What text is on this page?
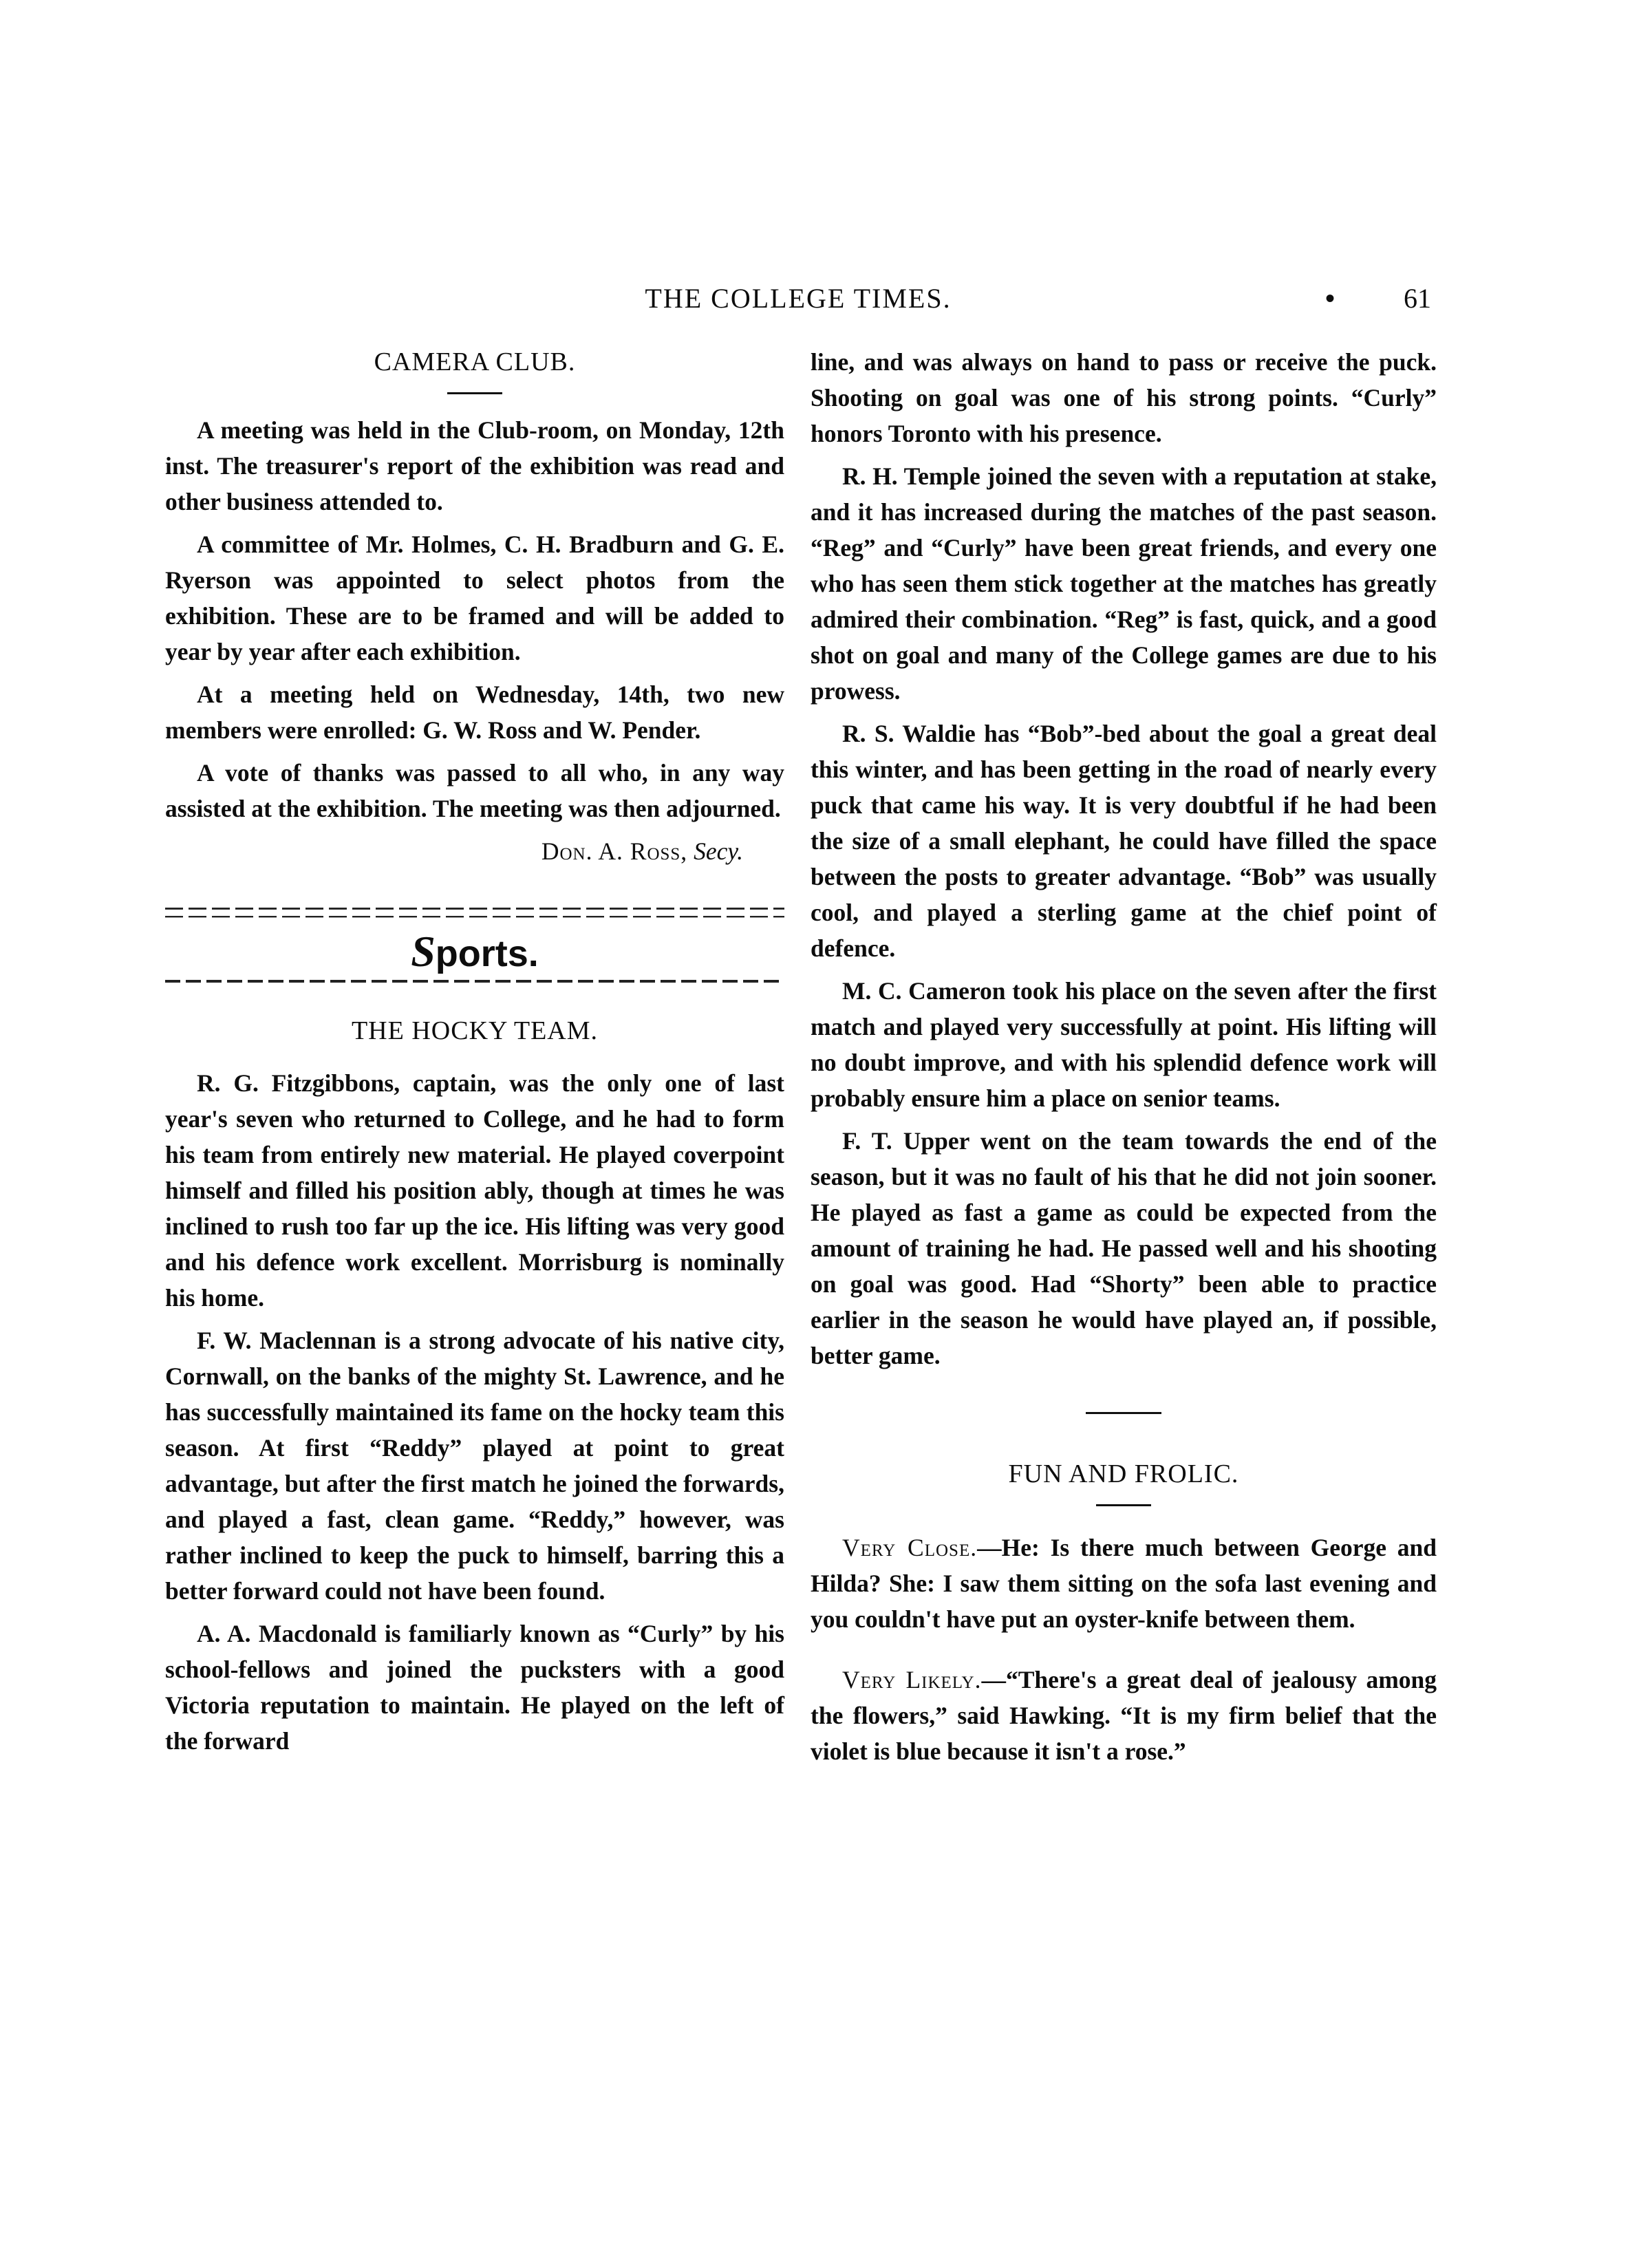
THE COLLEGE TIMES.	•	61
CAMERA CLUB.

A meeting was held in the Club-room, on Monday, 12th inst. The treasurer's report of the exhibition was read and other business attended to.

A committee of Mr. Holmes, C. H. Bradburn and G. E. Ryerson was appointed to select photos from the exhibition. These are to be framed and will be added to year by year after each exhibition.

At a meeting held on Wednesday, 14th, two new members were enrolled: G. W. Ross and W. Pender.

A vote of thanks was passed to all who, in any way assisted at the exhibition. The meeting was then adjourned.

Don. A. Ross, Secy.
Sports.
THE HOCKY TEAM.

R. G. Fitzgibbons, captain, was the only one of last year's seven who returned to College, and he had to form his team from entirely new material. He played coverpoint himself and filled his position ably, though at times he was inclined to rush too far up the ice. His lifting was very good and his defence work excellent. Morrisburg is nominally his home.

F. W. Maclennan is a strong advocate of his native city, Cornwall, on the banks of the mighty St. Lawrence, and he has successfully maintained its fame on the hocky team this season. At first “Reddy” played at point to great advantage, but after the first match he joined the forwards, and played a fast, clean game. “Reddy,” however, was rather inclined to keep the puck to himself, barring this a better forward could not have been found.

A. A. Macdonald is familiarly known as “Curly” by his school-fellows and joined the pucksters with a good Victoria reputation to maintain. He played on the left of the forward

line, and was always on hand to pass or receive the puck. Shooting on goal was one of his strong points. “Curly” honors Toronto with his presence.

R. H. Temple joined the seven with a reputation at stake, and it has increased during the matches of the past season. “Reg” and “Curly” have been great friends, and every one who has seen them stick together at the matches has greatly admired their combination. “Reg” is fast, quick, and a good shot on goal and many of the College games are due to his prowess.

R. S. Waldie has “Bob”-bed about the goal a great deal this winter, and has been getting in the road of nearly every puck that came his way. It is very doubtful if he had been the size of a small elephant, he could have filled the space between the posts to greater advantage. “Bob” was usually cool, and played a sterling game at the chief point of defence.

M. C. Cameron took his place on the seven after the first match and played very successfully at point. His lifting will no doubt improve, and with his splendid defence work will probably ensure him a place on senior teams.

F. T. Upper went on the team towards the end of the season, but it was no fault of his that he did not join sooner. He played as fast a game as could be expected from the amount of training he had. He passed well and his shooting on goal was good. Had “Shorty” been able to practice earlier in the season he would have played an, if possible, better game.

FUN AND FROLIC.

Very Close.—He: Is there much between George and Hilda? She: I saw them sitting on the sofa last evening and you couldn't have put an oyster-knife between them.

Very Likely.—“There's a great deal of jealousy among the flowers,” said Hawking. “It is my firm belief that the violet is blue because it isn't a rose.”
